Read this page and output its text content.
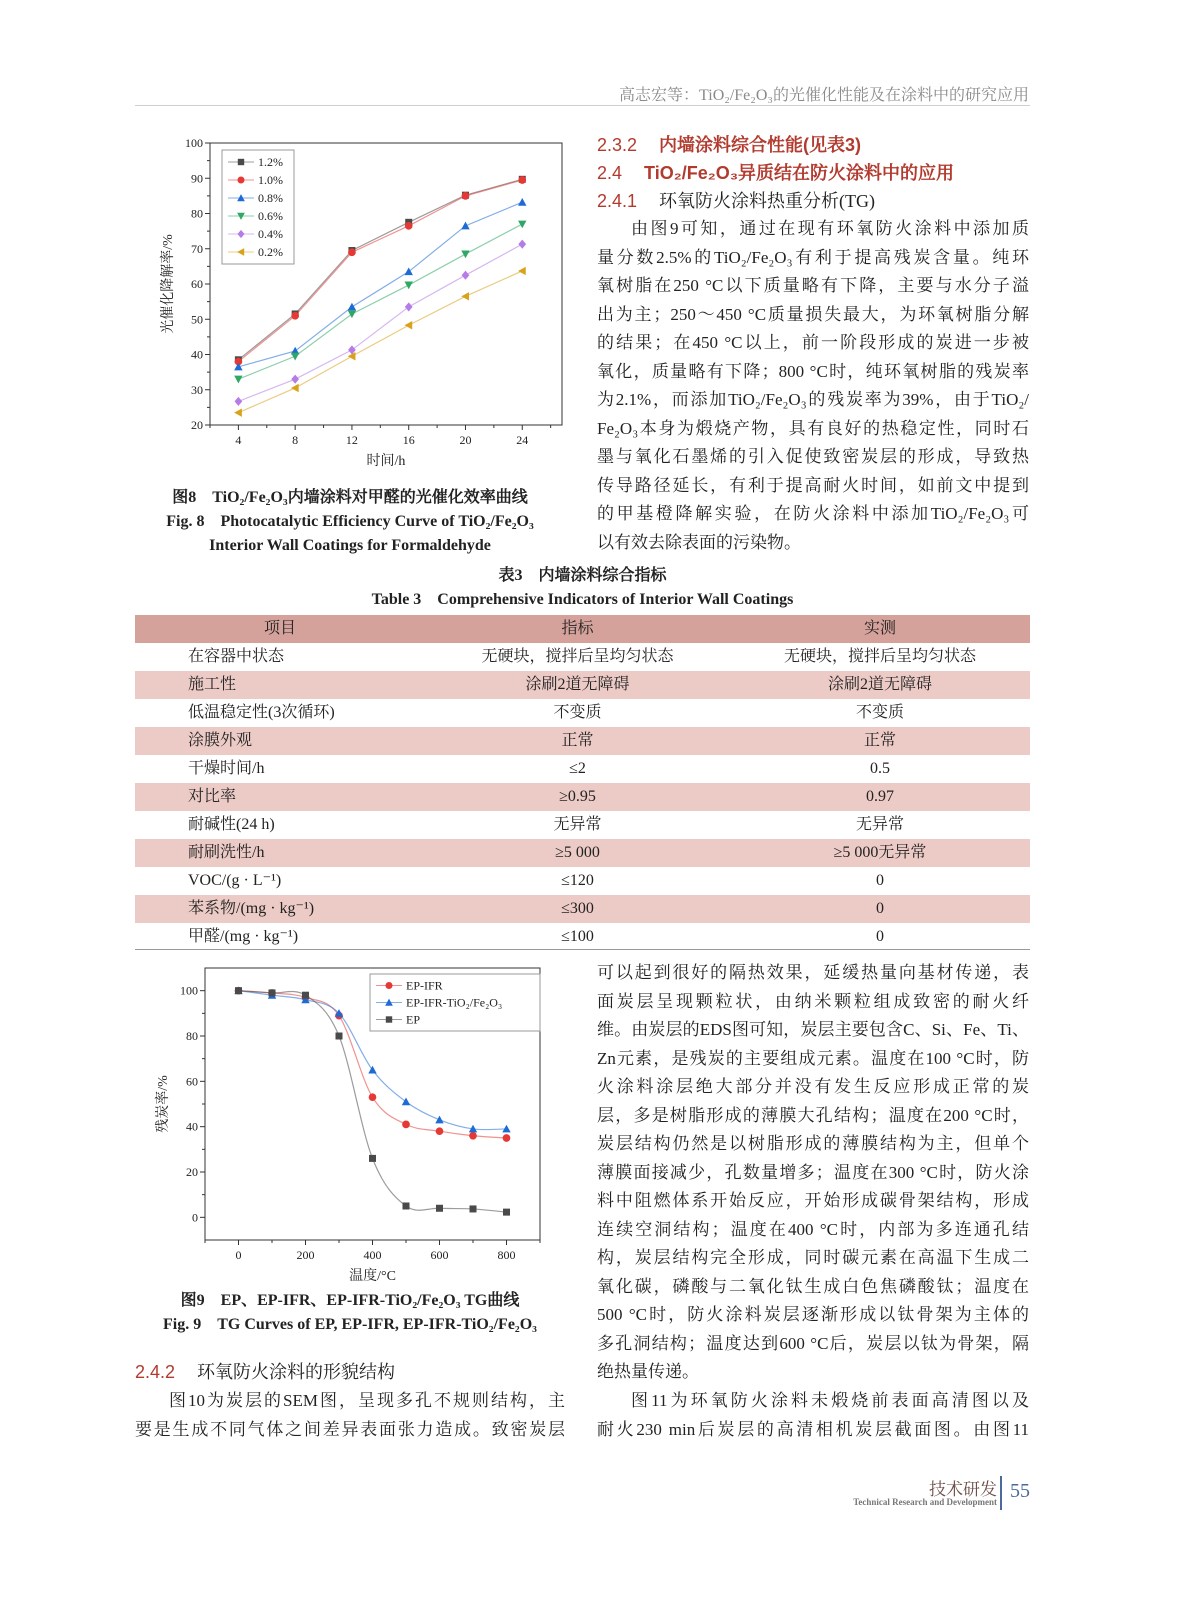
高志宏等：TiO₂/Fe₂O₃的光催化性能及在涂料中的研究应用
20
30
40
50
60
70
80
90
100
4	8	12	16	20	24
时间/h
光催化降解率/%
1.2%
1.0%
0.8%
0.6%
0.4%
0.2%
图8　TiO₂/Fe₂O₃内墙涂料对甲醛的光催化效率曲线
Fig. 8　Photocatalytic Efficiency Curve of TiO₂/Fe₂O₃
Interior Wall Coatings for Formaldehyde
2.3.2 内墙涂料综合性能(见表3)
2.4 TiO₂/Fe₂O₃异质结在防火涂料中的应用
2.4.1 环氧防火涂料热重分析(TG)
由图9可知，通过在现有环氧防火涂料中添加质
量分数2.5%的TiO₂/Fe₂O₃有利于提高残炭含量。纯环
氧树脂在250 °C以下质量略有下降，主要与水分子溢
出为主；250～450 °C质量损失最大，为环氧树脂分解
的结果；在450 °C以上，前一阶段形成的炭进一步被
氧化，质量略有下降；800 °C时，纯环氧树脂的残炭率
为2.1%，而添加TiO₂/Fe₂O₃的残炭率为39%，由于TiO₂/
Fe₂O₃本身为煅烧产物，具有良好的热稳定性，同时石
墨与氧化石墨烯的引入促使致密炭层的形成，导致热
传导路径延长，有利于提高耐火时间，如前文中提到
的甲基橙降解实验，在防火涂料中添加TiO₂/Fe₂O₃可
以有效去除表面的污染物。
表3　内墙涂料综合指标
Table 3　Comprehensive Indicators of Interior Wall Coatings
项目	指标	实测
在容器中状态	无硬块，搅拌后呈均匀状态	无硬块，搅拌后呈均匀状态
施工性	涂刷2道无障碍	涂刷2道无障碍
低温稳定性(3次循环)	不变质	不变质
涂膜外观	正常	正常
干燥时间/h	≤2	0.5
对比率	≥0.95	0.97
耐碱性(24 h)	无异常	无异常
耐刷洗性/h	≥5 000	≥5 000无异常
VOC/(g · L⁻¹)	≤120	0
苯系物/(mg · kg⁻¹)	≤300	0
甲醛/(mg · kg⁻¹)	≤100	0
0
20
40
60
80
100
0	200	400	600	800
温度/°C
残炭率/%
EP-IFR
EP-IFR-TiO₂/Fe₂O₃
EP
图9　EP、EP-IFR、EP-IFR-TiO₂/Fe₂O₃ TG曲线
Fig. 9　TG Curves of EP, EP-IFR, EP-IFR-TiO₂/Fe₂O₃
2.4.2 环氧防火涂料的形貌结构
图10为炭层的SEM图，呈现多孔不规则结构，主
要是生成不同气体之间差异表面张力造成。致密炭层
可以起到很好的隔热效果，延缓热量向基材传递，表
面炭层呈现颗粒状，由纳米颗粒组成致密的耐火纤
维。由炭层的EDS图可知，炭层主要包含C、Si、Fe、Ti、
Zn元素，是残炭的主要组成元素。温度在100 °C时，防
火涂料涂层绝大部分并没有发生反应形成正常的炭
层，多是树脂形成的薄膜大孔结构；温度在200 °C时，
炭层结构仍然是以树脂形成的薄膜结构为主，但单个
薄膜面接减少，孔数量增多；温度在300 °C时，防火涂
料中阻燃体系开始反应，开始形成碳骨架结构，形成
连续空洞结构；温度在400 °C时，内部为多连通孔结
构，炭层结构完全形成，同时碳元素在高温下生成二
氧化碳，磷酸与二氧化钛生成白色焦磷酸钛；温度在
500 °C时，防火涂料炭层逐渐形成以钛骨架为主体的
多孔洞结构；温度达到600 °C后，炭层以钛为骨架，隔
绝热量传递。
图11为环氧防火涂料未煅烧前表面高清图以及
耐火230 min后炭层的高清相机炭层截面图。由图11
技术研发
Technical Research and Development 55
